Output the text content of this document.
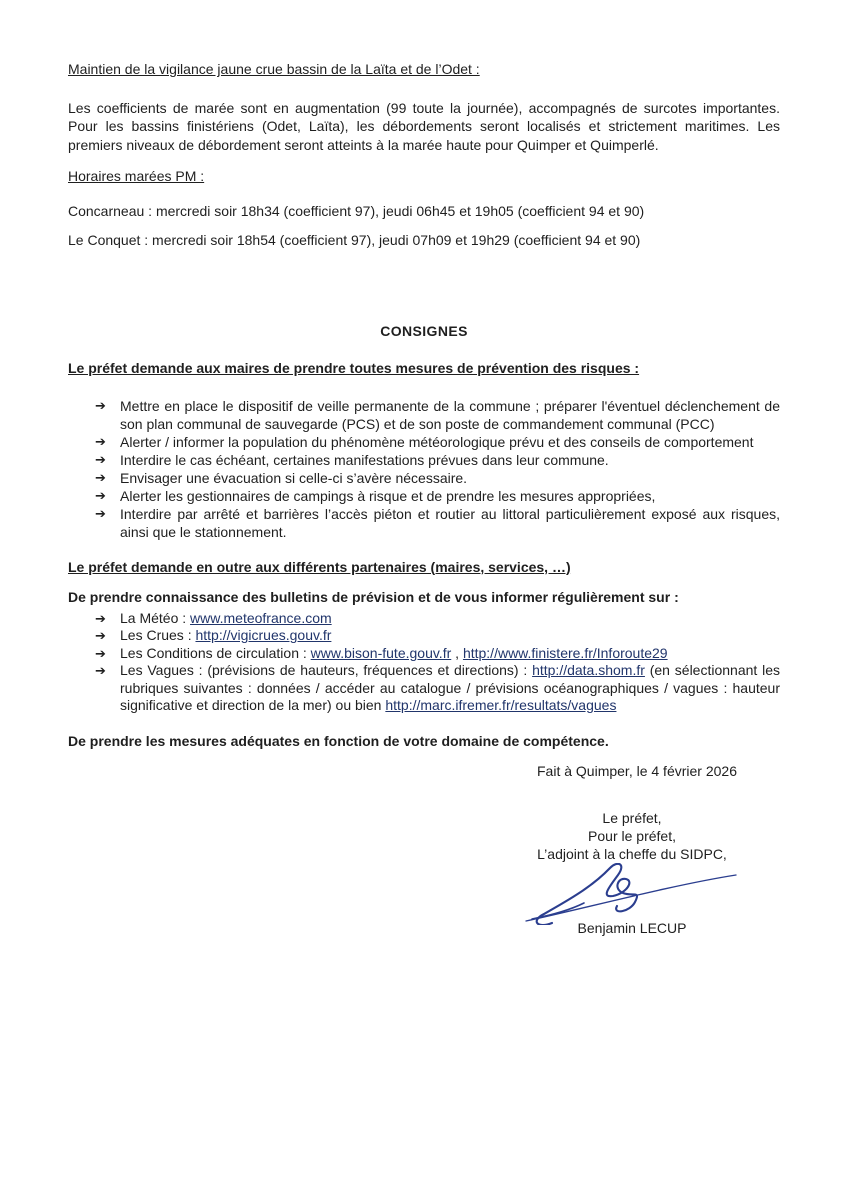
Maintien de la vigilance jaune crue bassin de la Laïta et de l’Odet :

Les coefficients de marée sont en augmentation (99 toute la journée), accompagnés de surcotes importantes. Pour les bassins finistériens (Odet, Laïta), les débordements seront localisés et strictement maritimes. Les premiers niveaux de débordement seront atteints à la marée haute pour Quimper et Quimperlé.

Horaires marées PM :

Concarneau : mercredi soir 18h34 (coefficient 97), jeudi 06h45 et 19h05 (coefficient 94 et 90)

Le Conquet : mercredi soir 18h54 (coefficient 97), jeudi 07h09 et 19h29 (coefficient 94 et 90)

CONSIGNES

Le préfet demande aux maires de prendre toutes mesures de prévention des risques :

➔	Mettre en place le dispositif de veille permanente de la commune ; préparer l'éventuel déclenchement de son plan communal de sauvegarde (PCS) et de son poste de commandement communal (PCC)
➔	Alerter / informer la population du phénomène météorologique prévu et des conseils de comportement
➔	Interdire le cas échéant, certaines manifestations prévues dans leur commune.
➔	Envisager une évacuation si celle-ci s’avère nécessaire.
➔	Alerter les gestionnaires de campings à risque et de prendre les mesures appropriées,
➔	Interdire par arrêté et barrières l’accès piéton et routier au littoral particulièrement exposé aux risques, ainsi que le stationnement.

Le préfet demande en outre aux différents partenaires (maires, services, …)

De prendre connaissance des bulletins de prévision et de vous informer régulièrement sur :

➔	La Météo : www.meteofrance.com
➔	Les Crues : http://vigicrues.gouv.fr
➔	Les Conditions de circulation : www.bison-fute.gouv.fr , http://www.finistere.fr/Inforoute29
➔	Les Vagues : (prévisions de hauteurs, fréquences et directions) : http://data.shom.fr (en sélectionnant les rubriques suivantes : données / accéder au catalogue / prévisions océanographiques / vagues : hauteur significative et direction de la mer) ou bien http://marc.ifremer.fr/resultats/vagues

De prendre les mesures adéquates en fonction de votre domaine de compétence.

Fait à Quimper, le 4 février 2026

Le préfet,

Pour le préfet,

L’adjoint à la cheffe du SIDPC,

Benjamin LECUP
